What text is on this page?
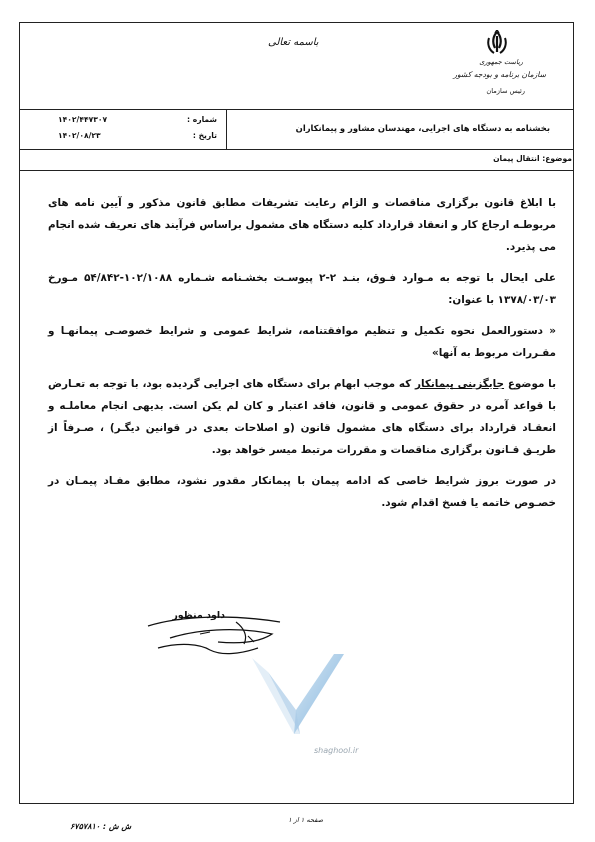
باسمه تعالی
ریاست جمهوری
سازمان برنامه و بودجه کشور
رئیس سازمان
شماره :
۱۴۰۲/۴۴۷۳۰۷
تاریخ :
۱۴۰۲/۰۸/۲۳
بخشنامه به دستگاه های اجرایی، مهندسان مشاور و پیمانکاران
موضوع: انتقال پیمان

با ابلاغ قانون برگزاری مناقصات و الزام رعایت تشریفات مطابق قانون مذکور و آیین نامه های مربوطـه ارجاع کار و انعقاد قرارداد کلیه دستگاه های مشمول براساس فرآیند های تعریف شده انجام می پذیرد.

علی ایحال با توجه به مـوارد فـوق، بنـد ۲-۲ پیوسـت بخشـنامه شـماره ۱۰۲/۱۰۸۸-۵۴/۸۴۲ مـورخ ۱۳۷۸/۰۳/۰۳ با عنوان:

« دستورالعمل نحوه تکمیل و تنظیم موافقتنامه، شرایط عمومی و شرایط خصوصـی پیمانهـا و مقـررات مربوط به آنها»

با موضوع جایگزینی پیمانکار که موجب ابهام برای دستگاه های اجرایی گردیده بود، با توجه به تعـارض با قواعد آمره در حقوق عمومی و قانون، فاقد اعتبار و کان لم یکن است. بدیهی انجام معاملـه و انعقـاد قرارداد برای دستگاه های مشمول قانون (و اصلاحات بعدی در قوانین دیگـر) ، صـرفاً از طریـق قـانون برگزاری مناقصات و مقررات مرتبط میسر خواهد بود.

در صورت بروز شرایط خاصی که ادامه پیمان با پیمانکار مقدور نشود، مطابق مفـاد پیمـان در خصـوص خاتمه یا فسخ اقدام شود.

داود منظور
shaghool.ir
صفحه ۱ از ۱
ش ش : ۶۷۵۷۸۱۰
